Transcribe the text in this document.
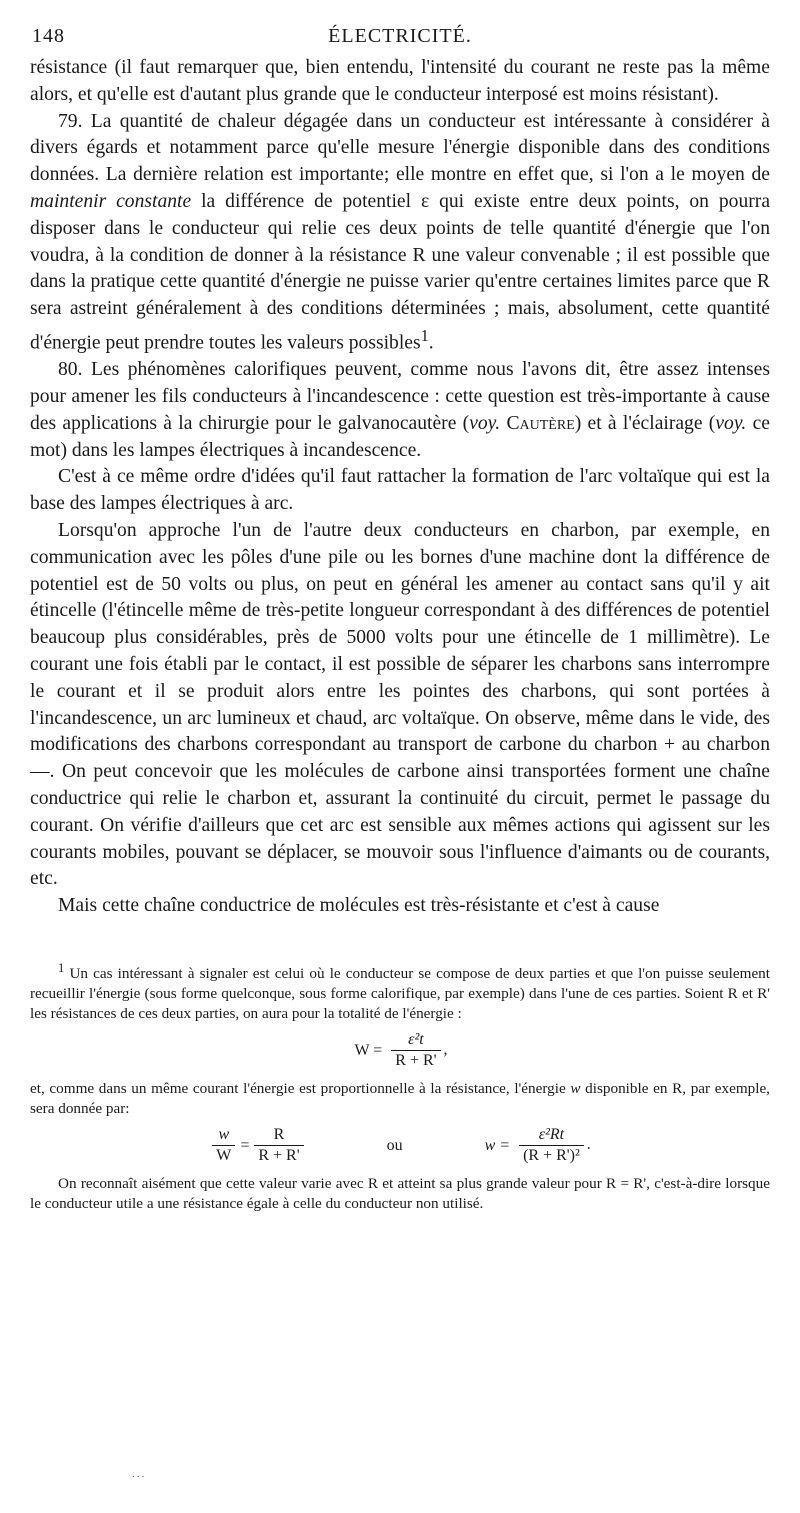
148	ÉLECTRICITÉ.

résistance (il faut remarquer que, bien entendu, l'intensité du courant ne reste pas la même alors, et qu'elle est d'autant plus grande que le conducteur interposé est moins résistant).

79. La quantité de chaleur dégagée dans un conducteur est intéressante à considérer à divers égards et notamment parce qu'elle mesure l'énergie disponible dans des conditions données. La dernière relation est importante; elle montre en effet que, si l'on a le moyen de maintenir constante la différence de potentiel ε qui existe entre deux points, on pourra disposer dans le conducteur qui relie ces deux points de telle quantité d'énergie que l'on voudra, à la condition de donner à la résistance R une valeur convenable ; il est possible que dans la pratique cette quantité d'énergie ne puisse varier qu'entre certaines limites parce que R sera astreint généralement à des conditions déterminées ; mais, absolument, cette quantité d'énergie peut prendre toutes les valeurs possibles$^1$.

80. Les phénomènes calorifiques peuvent, comme nous l'avons dit, être assez intenses pour amener les fils conducteurs à l'incandescence : cette question est très-importante à cause des applications à la chirurgie pour le galvanocautère (voy. Cautère) et à l'éclairage (voy. ce mot) dans les lampes électriques à incandescence.

C'est à ce même ordre d'idées qu'il faut rattacher la formation de l'arc voltaïque qui est la base des lampes électriques à arc.

Lorsqu'on approche l'un de l'autre deux conducteurs en charbon, par exemple, en communication avec les pôles d'une pile ou les bornes d'une machine dont la différence de potentiel est de 50 volts ou plus, on peut en général les amener au contact sans qu'il y ait étincelle (l'étincelle même de très-petite longueur correspondant à des différences de potentiel beaucoup plus considérables, près de 5000 volts pour une étincelle de 1 millimètre). Le courant une fois établi par le contact, il est possible de séparer les charbons sans interrompre le courant et il se produit alors entre les pointes des charbons, qui sont portées à l'incandescence, un arc lumineux et chaud, arc voltaïque. On observe, même dans le vide, des modifications des charbons correspondant au transport de carbone du charbon + au charbon —. On peut concevoir que les molécules de carbone ainsi transportées forment une chaîne conductrice qui relie le charbon et, assurant la continuité du circuit, permet le passage du courant. On vérifie d'ailleurs que cet arc est sensible aux mêmes actions qui agissent sur les courants mobiles, pouvant se déplacer, se mouvoir sous l'influence d'aimants ou de courants, etc.

Mais cette chaîne conductrice de molécules est très-résistante et c'est à cause

$^1$ Un cas intéressant à signaler est celui où le conducteur se compose de deux parties et que l'on puisse seulement recueillir l'énergie (sous forme quelconque, sous forme calorifique, par exemple) dans l'une de ces parties. Soient R et R' les résistances de ces deux parties, on aura pour la totalité de l'énergie :

$W = \frac{\text{ε²t}}{R + R'}$ ,

et, comme dans un même courant l'énergie est proportionnelle à la résistance, l'énergie w disponible en R, par exemple, sera donnée par:

$\frac{w}{W} = \frac{R}{R + R'}$	ou	$w = \frac{\text{ε²Rt}}{\text{(R + R')²}}$ .

On reconnaît aisément que cette valeur varie avec R et atteint sa plus grande valeur pour R = R', c'est-à-dire lorsque le conducteur utile a une résistance égale à celle du conducteur non utilisé.

...
